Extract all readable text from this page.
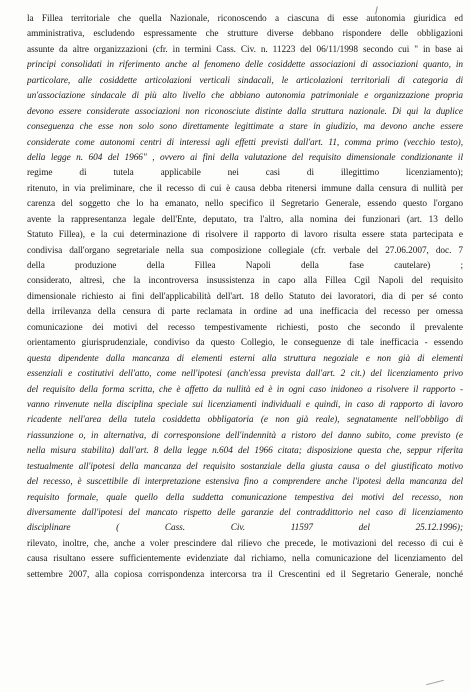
la Fillea territoriale che quella Nazionale, riconoscendo a ciascuna di esse autonomia giuridica ed
amministrativa, escludendo espressamente che strutture diverse debbano rispondere delle obbligazioni
assunte da altre organizzazioni (cfr. in termini Cass. Civ. n. 11223 del 06/11/1998 secondo cui " in base ai
principi consolidati in riferimento anche al fenomeno delle cosiddette associazioni di associazioni quanto, in
particolare, alle cosiddette articolazioni verticali sindacali, le articolazioni territoriali di categoria di
un'associazione sindacale di più alto livello che abbiano autonomia patrimoniale e organizzazione propria
devono essere considerate associazioni non riconosciute distinte dalla struttura nazionale. Di qui la duplice
conseguenza che esse non solo sono direttamente legittimate a stare in giudizio, ma devono anche essere
considerate come autonomi centri di interessi agli effetti previsti dall'art. 11, comma primo (vecchio testo),
della legge n. 604 del 1966" , ovvero ai fini della valutazione del requisito dimensionale condizionante il
regime di tutela applicabile nei casi di illegittimo licenziamento);
ritenuto, in via preliminare, che il recesso di cui è causa debba ritenersi immune dalla censura di nullità per
carenza del soggetto che lo ha emanato, nello specifico il Segretario Generale, essendo questo l'organo
avente la rappresentanza legale dell'Ente, deputato, tra l'altro, alla nomina dei funzionari (art. 13 dello
Statuto Fillea), e la cui determinazione di risolvere il rapporto di lavoro risulta essere stata partecipata e
condivisa dall'organo segretariale nella sua composizione collegiale (cfr. verbale del 27.06.2007, doc. 7
della produzione della Fillea Napoli della fase cautelare) ;
considerato, altresì, che la incontroversa insussistenza in capo alla Fillea Cgil Napoli del requisito
dimensionale richiesto ai fini dell'applicabilità dell'art. 18 dello Statuto dei lavoratori, dia di per sé conto
della irrilevanza della censura di parte reclamata in ordine ad una inefficacia del recesso per omessa
comunicazione dei motivi del recesso tempestivamente richiesti, posto che secondo il prevalente
orientamento giurisprudenziale, condiviso da questo Collegio, le conseguenze di tale inefficacia - essendo
questa dipendente dalla mancanza di elementi esterni alla struttura negoziale e non già di elementi
essenziali e costitutivi dell'atto, come nell'ipotesi (anch'essa prevista dall'art. 2 cit.) del licenziamento privo
del requisito della forma scritta, che è affetto da nullità ed è in ogni caso inidoneo a risolvere il rapporto -
vanno rinvenute nella disciplina speciale sui licenziamenti individuali e quindi, in caso di rapporto di lavoro
ricadente nell'area della tutela cosiddetta obbligatoria (e non già reale), segnatamente nell'obbligo di
riassunzione o, in alternativa, di corresponsione dell'indennità a ristoro del danno subito, come previsto (e
nella misura stabilita) dall'art. 8 della legge n.604 del 1966 citata; disposizione questa che, seppur riferita
testualmente all'ipotesi della mancanza del requisito sostanziale della giusta causa o del giustificato motivo
del recesso, è suscettibile di interpretazione estensiva fino a comprendere anche l'ipotesi della mancanza del
requisito formale, quale quello della suddetta comunicazione tempestiva dei motivi del recesso, non
diversamente dall'ipotesi del mancato rispetto delle garanzie del contraddittorio nel caso di licenziamento
disciplinare ( Cass. Civ. 11597 del 25.12.1996);
rilevato, inoltre, che, anche a voler prescindere dal rilievo che precede, le motivazioni del recesso di cui è
causa risultano essere sufficientemente evidenziate dal richiamo, nella comunicazione del licenziamento del
settembre 2007, alla copiosa corrispondenza intercorsa tra il Crescentini ed il Segretario Generale, nonché
